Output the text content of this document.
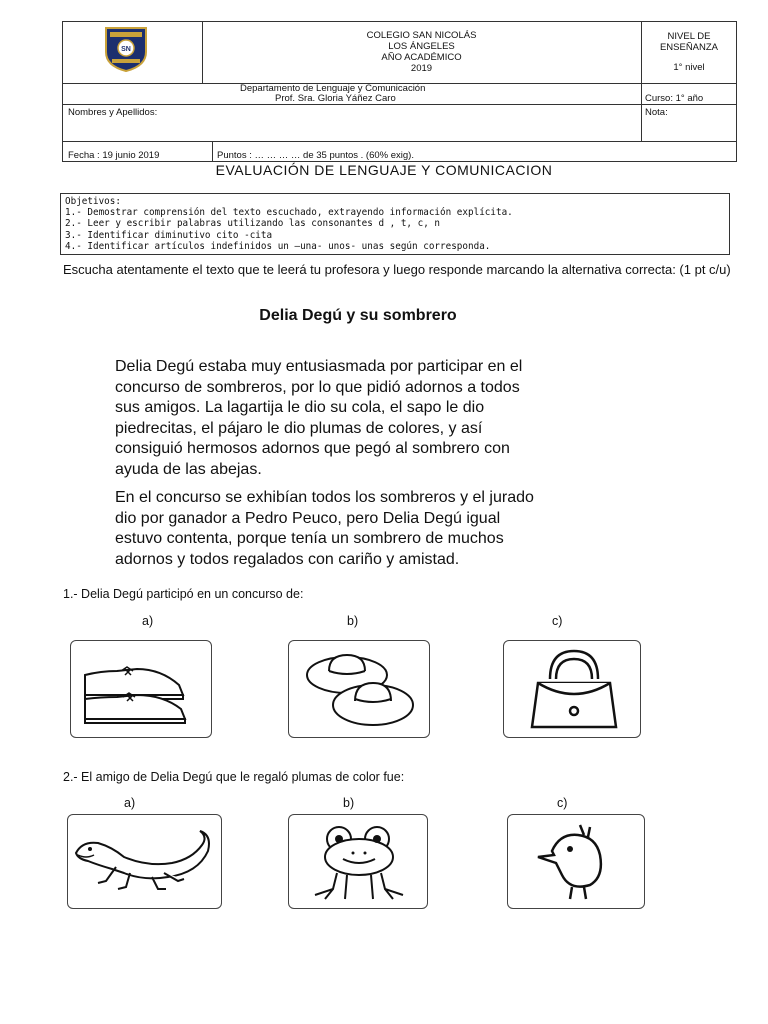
SN
COLEGIO SAN NICOLÁS
LOS ÁNGELES
AÑO ACADÉMICO
2019
NIVEL DE
ENSEÑANZA
1° nivel
Departamento de Lenguaje y Comunicación
Prof. Sra. Gloria Yáñez Caro	Curso: 1° año
Nombres y Apellidos:	Nota:
Fecha : 19 junio 2019	Puntos : … … … … de 35 puntos . (60% exig).
EVALUACIÓN DE LENGUAJE Y COMUNICACION
Objetivos:
1.- Demostrar comprensión del texto escuchado, extrayendo información explícita.
2.- Leer y escribir palabras utilizando las consonantes d , t, c, n
3.- Identificar diminutivo cito -cita
4.- Identificar artículos indefinidos un –una- unos- unas según corresponda.
Escucha atentamente el texto que te leerá tu profesora y luego responde marcando la alternativa correcta: (1 pt c/u)
Delia Degú y su sombrero
Delia Degú estaba muy entusiasmada por participar en el
concurso de sombreros, por lo que pidió adornos a todos
sus amigos. La lagartija le dio su cola, el sapo le dio
piedrecitas, el pájaro le dio plumas de colores, y así
consiguió hermosos adornos que pegó al sombrero con
ayuda de las abejas.
En el concurso se exhibían todos los sombreros y el jurado
dio por ganador a Pedro Peuco, pero Delia Degú igual
estuvo contenta, porque tenía un sombrero de muchos
adornos y todos regalados con cariño y amistad.
1.- Delia Degú participó en un concurso de:
a)	b)	c)
2.- El amigo de Delia Degú que le regaló plumas de color fue:
a)	b)	c)
